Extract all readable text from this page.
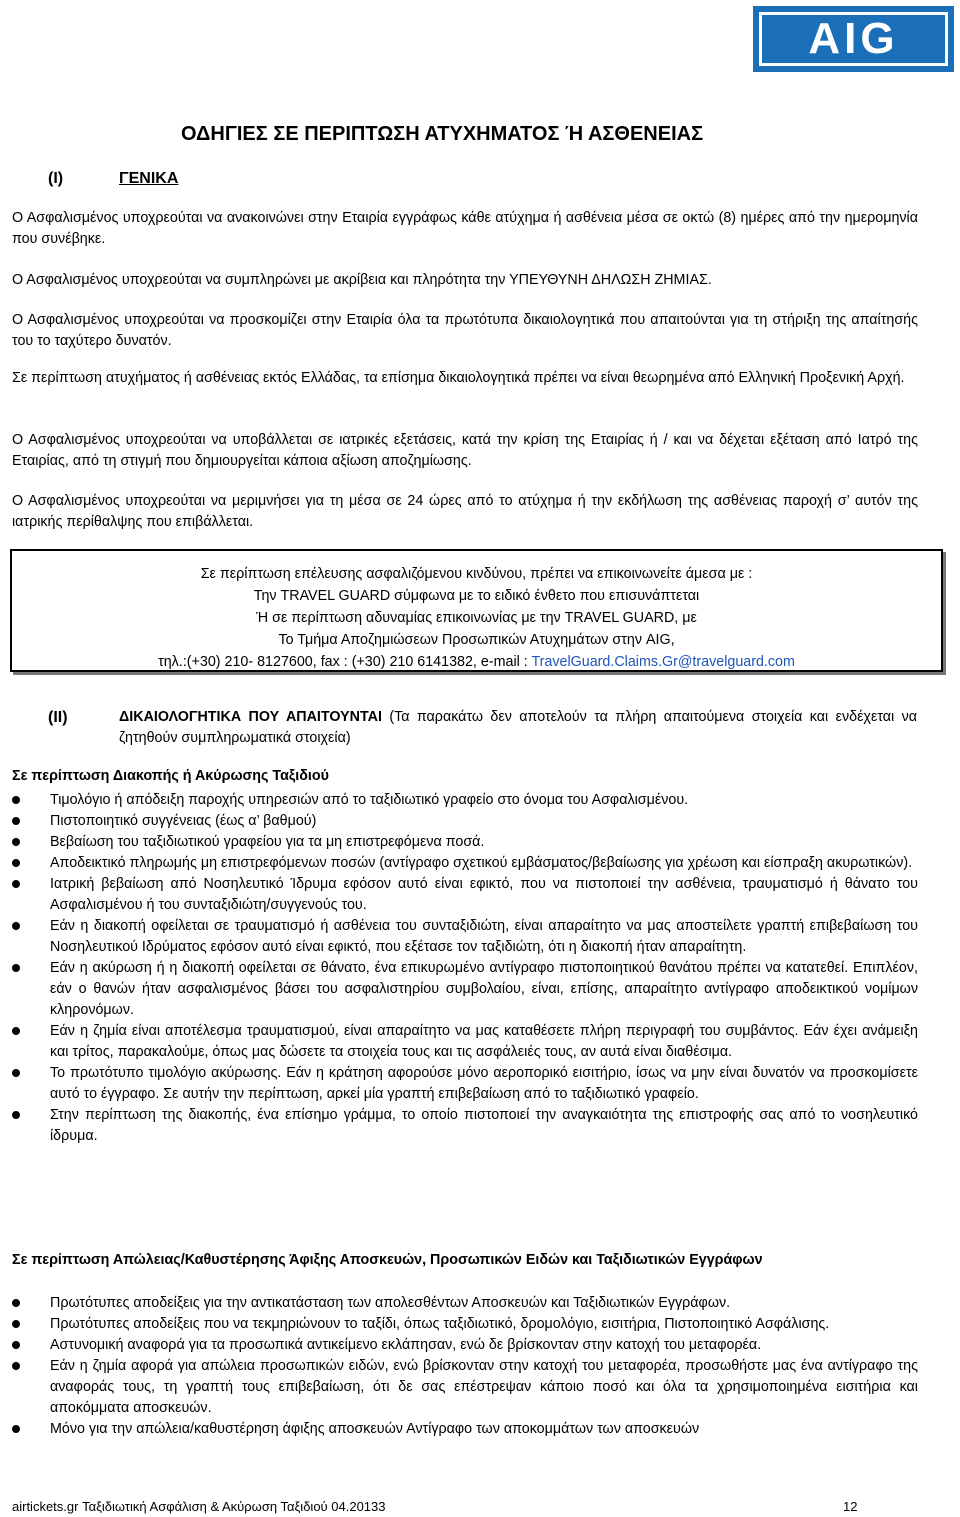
AIG
ΟΔΗΓΙΕΣ ΣΕ ΠΕΡΙΠΤΩΣΗ ΑΤΥΧΗΜΑΤΟΣ Ή ΑΣΘΕΝΕΙΑΣ
(I)	ΓΕΝΙΚΑ
Ο Ασφαλισμένος υποχρεούται να ανακοινώνει στην Εταιρία εγγράφως κάθε ατύχημα ή ασθένεια μέσα σε οκτώ (8) ημέρες από την ημερομηνία που συνέβηκε.
Ο Ασφαλισμένος υποχρεούται να συμπληρώνει με ακρίβεια και πληρότητα την ΥΠΕΥΘΥΝΗ ΔΗΛΩΣΗ ΖΗΜΙΑΣ.
Ο Ασφαλισμένος υποχρεούται να προσκομίζει στην Εταιρία όλα τα πρωτότυπα δικαιολογητικά που απαιτούνται για τη στήριξη της απαίτησής του το ταχύτερο δυνατόν.
Σε περίπτωση ατυχήματος ή ασθένειας εκτός Ελλάδας, τα επίσημα δικαιολογητικά πρέπει να είναι θεωρημένα από Ελληνική Προξενική Αρχή.
Ο Ασφαλισμένος υποχρεούται να υποβάλλεται σε ιατρικές εξετάσεις, κατά την κρίση της Εταιρίας ή / και να δέχεται εξέταση από Ιατρό της Εταιρίας, από τη στιγμή που δημιουργείται κάποια αξίωση αποζημίωσης.
Ο Ασφαλισμένος υποχρεούται να μεριμνήσει για τη μέσα σε 24 ώρες από το ατύχημα ή την εκδήλωση της ασθένειας παροχή σ’ αυτόν της ιατρικής περίθαλψης που επιβάλλεται.
Σε περίπτωση επέλευσης ασφαλιζόμενου κινδύνου, πρέπει να επικοινωνείτε άμεσα με :
Την TRAVEL GUARD σύμφωνα με το ειδικό ένθετο που επισυνάπτεται
Ή σε περίπτωση αδυναμίας επικοινωνίας με την TRAVEL GUARD, με
Το Τμήμα Αποζημιώσεων Προσωπικών Ατυχημάτων στην AIG,
τηλ.:(+30) 210- 8127600, fax : (+30) 210 6141382, e-mail : TravelGuard.Claims.Gr@travelguard.com
(II)	ΔΙΚΑΙΟΛΟΓΗΤΙΚΑ ΠΟΥ ΑΠΑΙΤΟΥΝΤΑΙ (Τα παρακάτω δεν αποτελούν τα πλήρη απαιτούμενα στοιχεία και ενδέχεται να ζητηθούν συμπληρωματικά στοιχεία)
Σε περίπτωση Διακοπής ή Ακύρωσης Ταξιδιού
Τιμολόγιο ή απόδειξη παροχής υπηρεσιών από το ταξιδιωτικό γραφείο στο όνομα του Ασφαλισμένου.
Πιστοποιητικό συγγένειας (έως α’ βαθμού)
Βεβαίωση του ταξιδιωτικού γραφείου για τα μη επιστρεφόμενα ποσά.
Αποδεικτικό πληρωμής μη επιστρεφόμενων ποσών (αντίγραφο σχετικού εμβάσματος/βεβαίωσης για χρέωση και είσπραξη ακυρωτικών).
Ιατρική βεβαίωση από Νοσηλευτικό Ίδρυμα εφόσον αυτό είναι εφικτό, που να πιστοποιεί την ασθένεια, τραυματισμό ή θάνατο του Ασφαλισμένου ή του συνταξιδιώτη/συγγενούς του.
Εάν η διακοπή οφείλεται σε τραυματισμό ή ασθένεια του συνταξιδιώτη, είναι απαραίτητο να μας αποστείλετε γραπτή επιβεβαίωση του Νοσηλευτικού Ιδρύματος εφόσον αυτό είναι εφικτό, που εξέτασε τον ταξιδιώτη, ότι η διακοπή ήταν απαραίτητη.
Εάν η ακύρωση ή η διακοπή οφείλεται σε θάνατο, ένα επικυρωμένο αντίγραφο πιστοποιητικού θανάτου πρέπει να κατατεθεί. Επιπλέον, εάν ο θανών ήταν ασφαλισμένος βάσει του ασφαλιστηρίου συμβολαίου, είναι, επίσης, απαραίτητο αντίγραφο αποδεικτικού νομίμων κληρονόμων.
Εάν η ζημία είναι αποτέλεσμα τραυματισμού, είναι απαραίτητο να μας καταθέσετε πλήρη περιγραφή του συμβάντος. Εάν έχει ανάμειξη και τρίτος, παρακαλούμε, όπως μας δώσετε τα στοιχεία τους και τις ασφάλειές τους, αν αυτά είναι διαθέσιμα.
Το πρωτότυπο τιμολόγιο ακύρωσης. Εάν η κράτηση αφορούσε μόνο αεροπορικό εισιτήριο, ίσως να μην είναι δυνατόν να προσκομίσετε αυτό το έγγραφο. Σε αυτήν την περίπτωση, αρκεί μία γραπτή επιβεβαίωση από το ταξιδιωτικό γραφείο.
Στην περίπτωση της διακοπής, ένα επίσημο γράμμα, το οποίο πιστοποιεί την αναγκαιότητα της επιστροφής σας από το νοσηλευτικό ίδρυμα.
Σε περίπτωση Απώλειας/Καθυστέρησης Άφιξης Αποσκευών, Προσωπικών Ειδών και Ταξιδιωτικών Εγγράφων
Πρωτότυπες αποδείξεις για την αντικατάσταση των απολεσθέντων Αποσκευών και Ταξιδιωτικών Εγγράφων.
Πρωτότυπες αποδείξεις που να τεκμηριώνουν το ταξίδι, όπως ταξιδιωτικό, δρομολόγιο, εισιτήρια, Πιστοποιητικό Ασφάλισης.
Αστυνομική αναφορά για τα προσωπικά αντικείμενο εκλάπησαν, ενώ δε βρίσκονταν στην κατοχή του μεταφορέα.
Εάν η ζημία αφορά για απώλεια προσωπικών ειδών, ενώ βρίσκονταν στην κατοχή του μεταφορέα, προσωθήστε μας ένα αντίγραφο της αναφοράς τους, τη γραπτή τους επιβεβαίωση, ότι δε σας επέστρεψαν κάποιο ποσό και όλα τα χρησιμοποιημένα εισιτήρια και αποκόμματα αποσκευών.
Μόνο για την απώλεια/καθυστέρηση άφιξης αποσκευών Αντίγραφο των αποκομμάτων των αποσκευών
airtickets.gr Ταξιδιωτική Ασφάλιση & Ακύρωση Ταξιδιού 04.20133	12
